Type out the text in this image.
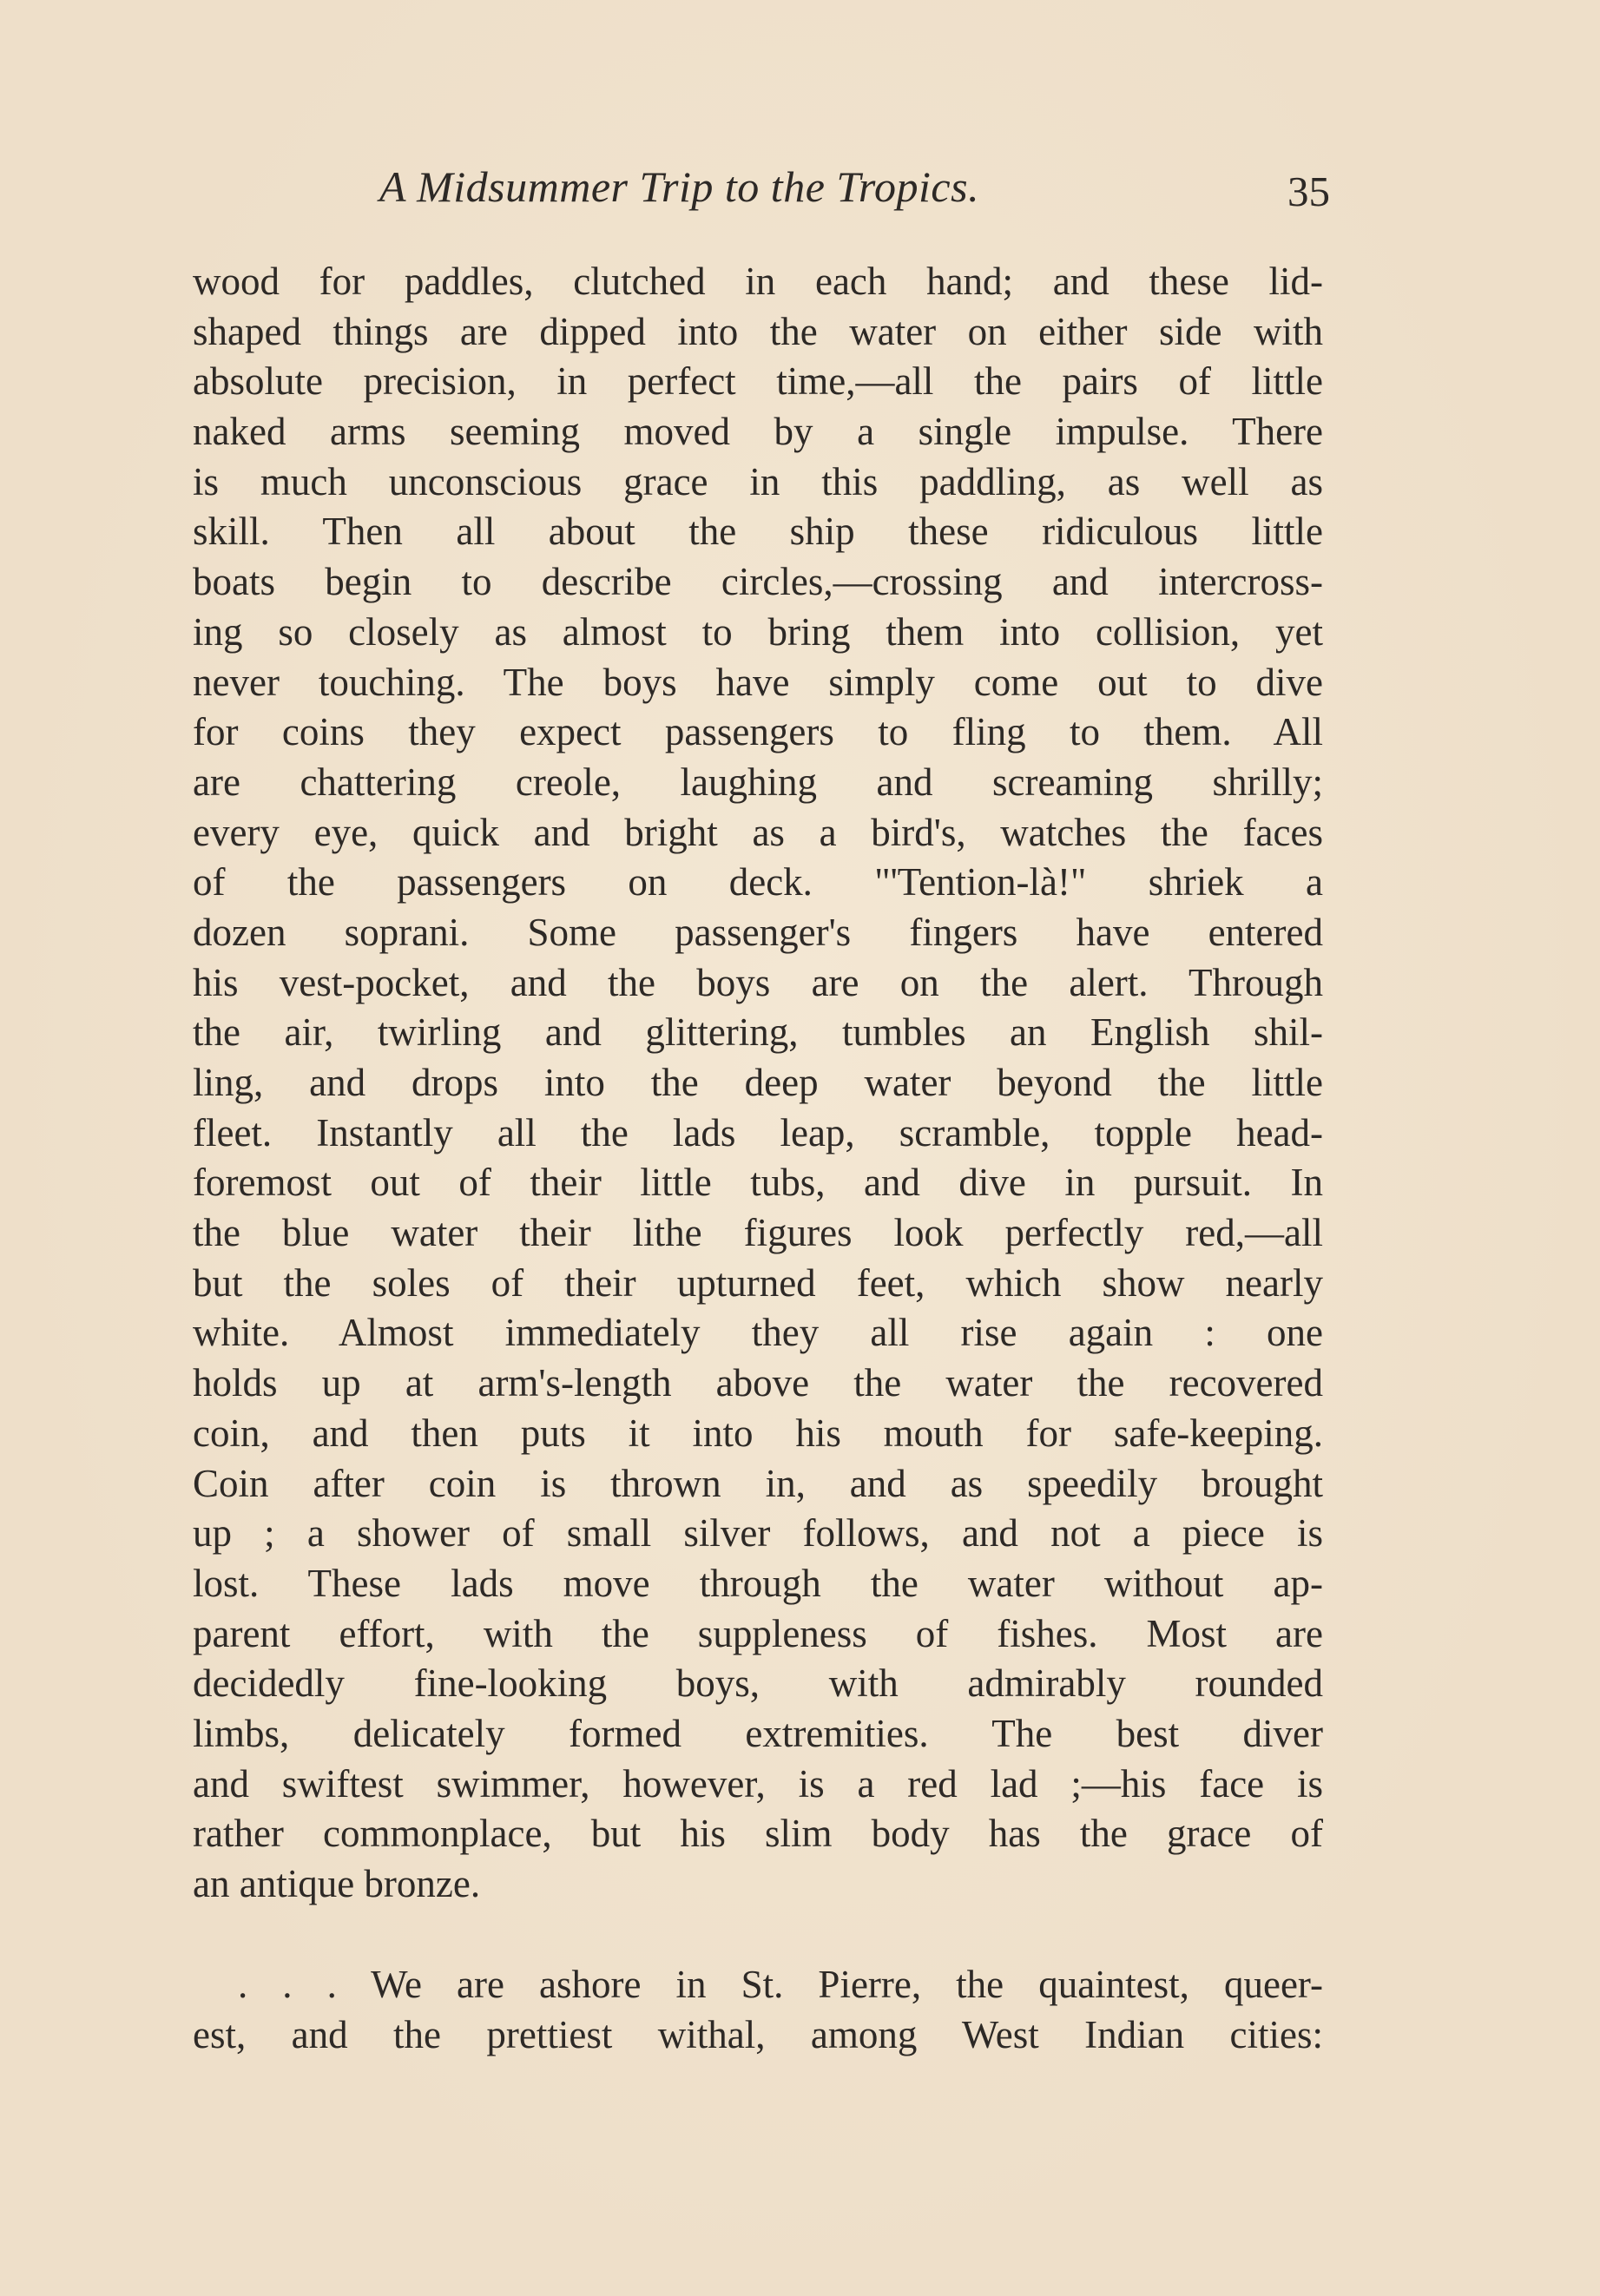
A Midsummer Trip to the Tropics.	35
wood for paddles, clutched in each hand; and these lid-
shaped things are dipped into the water on either side with
absolute precision, in perfect time,—all the pairs of little
naked arms seeming moved by a single impulse. There
is much unconscious grace in this paddling, as well as
skill. Then all about the ship these ridiculous little
boats begin to describe circles,—crossing and intercross-
ing so closely as almost to bring them into collision, yet
never touching. The boys have simply come out to dive
for coins they expect passengers to fling to them. All
are chattering creole, laughing and screaming shrilly;
every eye, quick and bright as a bird's, watches the faces
of the passengers on deck. "'Tention-là!" shriek a
dozen soprani. Some passenger's fingers have entered
his vest-pocket, and the boys are on the alert. Through
the air, twirling and glittering, tumbles an English shil-
ling, and drops into the deep water beyond the little
fleet. Instantly all the lads leap, scramble, topple head-
foremost out of their little tubs, and dive in pursuit. In
the blue water their lithe figures look perfectly red,—all
but the soles of their upturned feet, which show nearly
white. Almost immediately they all rise again : one
holds up at arm's-length above the water the recovered
coin, and then puts it into his mouth for safe-keeping.
Coin after coin is thrown in, and as speedily brought
up ; a shower of small silver follows, and not a piece is
lost. These lads move through the water without ap-
parent effort, with the suppleness of fishes. Most are
decidedly fine-looking boys, with admirably rounded
limbs, delicately formed extremities. The best diver
and swiftest swimmer, however, is a red lad ;—his face is
rather commonplace, but his slim body has the grace of
an antique bronze.
. . . We are ashore in St. Pierre, the quaintest, queer-
est, and the prettiest withal, among West Indian cities:
